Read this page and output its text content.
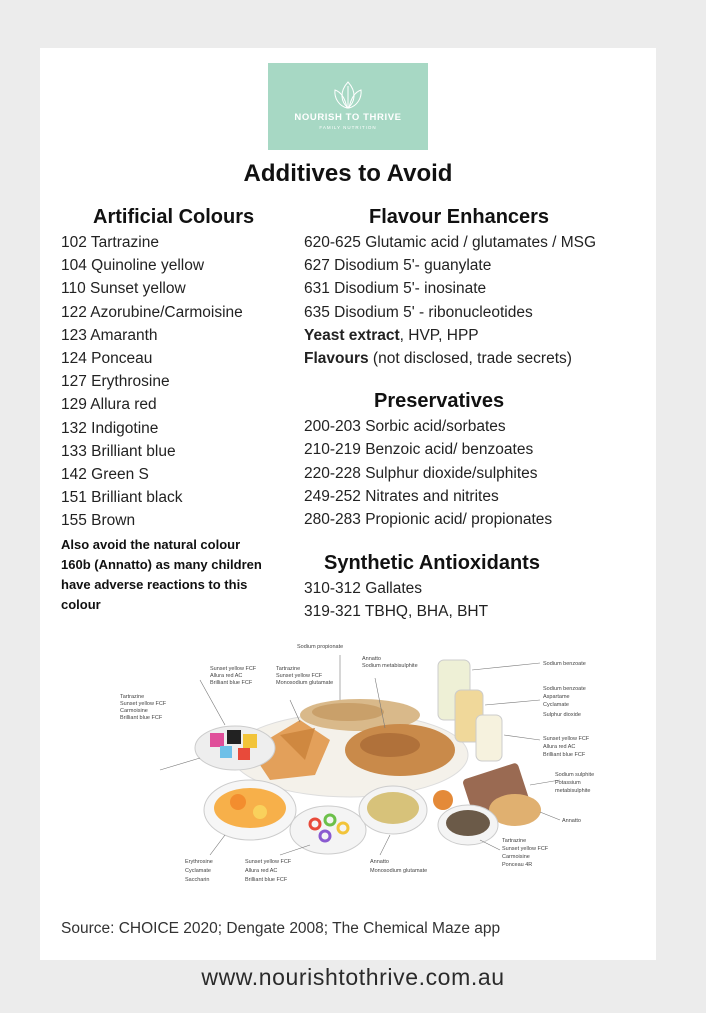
NOURISH TO THRIVE
FAMILY NUTRITION
Additives to Avoid
Artificial Colours
102 Tartrazine
104 Quinoline yellow
110 Sunset yellow
122 Azorubine/Carmoisine
123 Amaranth
124 Ponceau
127 Erythrosine
129 Allura red
132 Indigotine
133 Brilliant blue
142 Green S
151 Brilliant black
155 Brown
Also avoid the natural colour
160b (Annatto) as many children
have adverse reactions to this
colour
Flavour Enhancers
620-625 Glutamic acid / glutamates / MSG
627 Disodium 5'- guanylate
631 Disodium 5'- inosinate
635 Disodium 5' - ribonucleotides
Yeast extract, HVP, HPP
Flavours (not disclosed, trade secrets)
Preservatives
200-203 Sorbic acid/sorbates
210-219 Benzoic acid/ benzoates
220-228 Sulphur dioxide/sulphites
249-252 Nitrates and nitrites
280-283 Propionic acid/ propionates
Synthetic Antioxidants
310-312 Gallates
319-321 TBHQ, BHA, BHT
Tartrazine Sunset yellow FCF Carmoisine Brilliant blue FCF
Sunset yellow FCF Allura red AC Brilliant blue FCF
Tartrazine Sunset yellow FCF Monosodium glutamate
Sodium propionate
Annatto Sodium metabisulphite	Sodium benzoate
Sodium benzoate Aspartame Cyclamate Sulphur dioxide
Sunset yellow FCF Allura red AC Brilliant blue FCF
Sodium sulphite Potassium metabisulphite
Annatto
Tartrazine Sunset yellow FCF Carmoisine Ponceau 4R
Erythrosine Cyclamate Saccharin
Sunset yellow FCF Allura red AC Brilliant blue FCF
Annatto Monosodium glutamate
Source: CHOICE 2020; Dengate 2008; The Chemical Maze app
www.nourishtothrive.com.au
